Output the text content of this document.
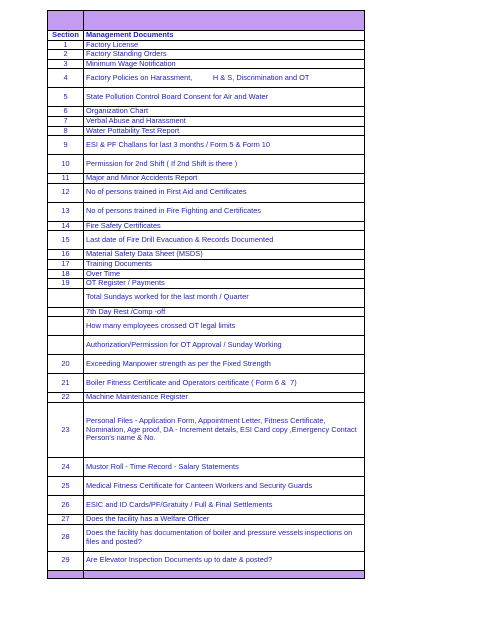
Section	Management Documents
1	Factory License
2	Factory Standing Orders
3	Minimum Wage Notification
4	Factory Policies on Harassment,          H & S, Discrimination and OT
5	State Pollution Control Board Consent for Air and Water
6	Organization Chart
7	Verbal Abuse and Harassment
8	Water Pottability Test Report
9	ESI & PF Challans for last 3 months / Form 5 & Form 10
10	Permission for 2nd Shift ( If 2nd Shift is there )
11	Major and Minor Accidents Report
12	No of persons trained in First Aid and Certificates
13	No of persons trained in Fire Fighting and Certificates
14	Fire Safety Certificates
15	Last date of Fire Drill Evacuation & Records Documented
16	Material Safety Data Sheet (MSDS)
17	Training Documents
18	Over Time
19	OT Register / Payments
	Total Sundays worked for the last month / Quarter
	7th Day Rest /Comp -off
	How many employees crossed OT legal limits
	Authorization/Permission for OT Approval / Sunday Working
20	Exceeding Manpower strength as per the Fixed Strength
21	Boiler Fitness Certificate and Operators certificate ( Form 6 &  7)
22	Machine Maintenance Register
23	Personal Files - Application Form, Appointment Letter, Fitness Certificate, Nomination, Age proof, DA - Increment details, ESI Card copy ,Emergency Contact Person's name & No.
24	Mustor Roll - Time Record - Salary Statements
25	Medical Fitness Certificate for Canteen Workers and Security Guards
26	ESIC and ID Cards/PF/Gratuity / Full & Final Settlements
27	Does the facility has a Welfare Officer
28	Does the facility has documentation of boiler and pressure vessels inspections on files and posted?
29	Are Elevator Inspection Documents up to date & posted?
